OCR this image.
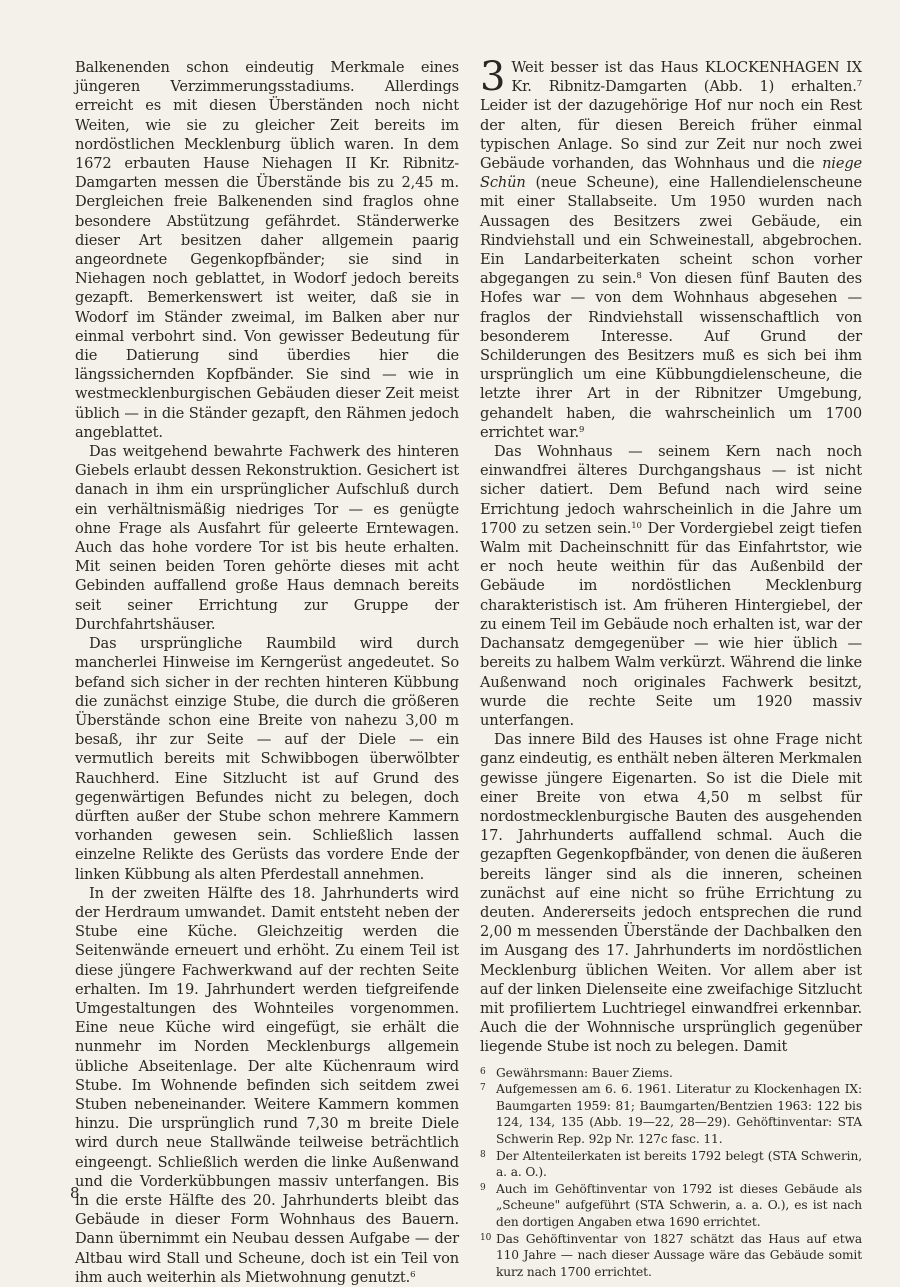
Balkenenden schon eindeutig Merkmale eines jüngeren Verzimmerungsstadiums. Allerdings erreicht es mit diesen Überständen noch nicht Weiten, wie sie zu gleicher Zeit bereits im nordöstlichen Mecklenburg üblich waren. In dem 1672 erbauten Hause Niehagen II Kr. Ribnitz-Damgarten messen die Überstände bis zu 2,45 m. Dergleichen freie Balkenenden sind fraglos ohne besondere Abstützung gefährdet. Ständerwerke dieser Art besitzen daher allgemein paarig angeordnete Gegenkopfbänder; sie sind in Niehagen noch geblattet, in Wodorf jedoch bereits gezapft. Bemerkenswert ist weiter, daß sie in Wodorf im Ständer zweimal, im Balken aber nur einmal verbohrt sind. Von gewisser Bedeutung für die Datierung sind überdies hier die längssichernden Kopfbänder. Sie sind — wie in westmecklenburgischen Gebäuden dieser Zeit meist üblich — in die Ständer gezapft, den Rähmen jedoch angeblattet.

Das weitgehend bewahrte Fachwerk des hinteren Giebels erlaubt dessen Rekonstruktion. Gesichert ist danach in ihm ein ursprünglicher Aufschluß durch ein verhältnismäßig niedriges Tor — es genügte ohne Frage als Ausfahrt für geleerte Erntewagen. Auch das hohe vordere Tor ist bis heute erhalten. Mit seinen beiden Toren gehörte dieses mit acht Gebinden auffallend große Haus demnach bereits seit seiner Errichtung zur Gruppe der Durchfahrtshäuser.

Das ursprüngliche Raumbild wird durch mancherlei Hinweise im Kerngerüst angedeutet. So befand sich sicher in der rechten hinteren Kübbung die zunächst einzige Stube, die durch die größeren Überstände schon eine Breite von nahezu 3,00 m besaß, ihr zur Seite — auf der Diele — ein vermutlich bereits mit Schwibbogen überwölbter Rauchherd. Eine Sitzlucht ist auf Grund des gegenwärtigen Befundes nicht zu belegen, doch dürften außer der Stube schon mehrere Kammern vorhanden gewesen sein. Schließlich lassen einzelne Relikte des Gerüsts das vordere Ende der linken Kübbung als alten Pferdestall annehmen.

In der zweiten Hälfte des 18. Jahrhunderts wird der Herdraum umwandet. Damit entsteht neben der Stube eine Küche. Gleichzeitig werden die Seitenwände erneuert und erhöht. Zu einem Teil ist diese jüngere Fachwerkwand auf der rechten Seite erhalten. Im 19. Jahrhundert werden tiefgreifende Umgestaltungen des Wohnteiles vorgenommen. Eine neue Küche wird eingefügt, sie erhält die nunmehr im Norden Mecklenburgs allgemein übliche Abseitenlage. Der alte Küchenraum wird Stube. Im Wohnende befinden sich seitdem zwei Stuben nebeneinander. Weitere Kammern kommen hinzu. Die ursprünglich rund 7,30 m breite Diele wird durch neue Stallwände teilweise beträchtlich eingeengt. Schließlich werden die linke Außenwand und die Vorderkübbungen massiv unterfangen. Bis in die erste Hälfte des 20. Jahrhunderts bleibt das Gebäude in dieser Form Wohnhaus des Bauern. Dann übernimmt ein Neubau dessen Aufgabe — der Altbau wird Stall und Scheune, doch ist ein Teil von ihm auch weiterhin als Mietwohnung genutzt.$^6$

3 Weit besser ist das Haus KLOCKENHAGEN IX Kr. Ribnitz-Damgarten (Abb. 1) erhalten.$^7$ Leider ist der dazugehörige Hof nur noch ein Rest der alten, für diesen Bereich früher einmal typischen Anlage. So sind zur Zeit nur noch zwei Gebäude vorhanden, das Wohnhaus und die niege Schün (neue Scheune), eine Hallendielenscheune mit einer Stallabseite. Um 1950 wurden nach Aussagen des Besitzers zwei Gebäude, ein Rindviehstall und ein Schweinestall, abgebrochen. Ein Landarbeiterkaten scheint schon vorher abgegangen zu sein.$^8$ Von diesen fünf Bauten des Hofes war — von dem Wohnhaus abgesehen — fraglos der Rindviehstall wissenschaftlich von besonderem Interesse. Auf Grund der Schilderungen des Besitzers muß es sich bei ihm ursprünglich um eine Kübbungdielenscheune, die letzte ihrer Art in der Ribnitzer Umgebung, gehandelt haben, die wahrscheinlich um 1700 errichtet war.$^9$

Das Wohnhaus — seinem Kern nach noch einwandfrei älteres Durchgangshaus — ist nicht sicher datiert. Dem Befund nach wird seine Errichtung jedoch wahrscheinlich in die Jahre um 1700 zu setzen sein.$^{10}$ Der Vordergiebel zeigt tiefen Walm mit Dacheinschnitt für das Einfahrtstor, wie er noch heute weithin für das Außenbild der Gebäude im nordöstlichen Mecklenburg charakteristisch ist. Am früheren Hintergiebel, der zu einem Teil im Gebäude noch erhalten ist, war der Dachansatz demgegenüber — wie hier üblich — bereits zu halbem Walm verkürzt. Während die linke Außenwand noch originales Fachwerk besitzt, wurde die rechte Seite um 1920 massiv unterfangen.

Das innere Bild des Hauses ist ohne Frage nicht ganz eindeutig, es enthält neben älteren Merkmalen gewisse jüngere Eigenarten. So ist die Diele mit einer Breite von etwa 4,50 m selbst für nordostmecklenburgische Bauten des ausgehenden 17. Jahrhunderts auffallend schmal. Auch die gezapften Gegenkopfbänder, von denen die äußeren bereits länger sind als die inneren, scheinen zunächst auf eine nicht so frühe Errichtung zu deuten. Andererseits jedoch entsprechen die rund 2,00 m messenden Überstände der Dachbalken den im Ausgang des 17. Jahrhunderts im nordöstlichen Mecklenburg üblichen Weiten. Vor allem aber ist auf der linken Dielenseite eine zweifachige Sitzlucht mit profiliertem Luchtriegel einwandfrei erkennbar. Auch die der Wohnnische ursprünglich gegenüber liegende Stube ist noch zu belegen. Damit

6 Gewährsmann: Bauer Ziems.
7 Aufgemessen am 6. 6. 1961. Literatur zu Klockenhagen IX: Baumgarten 1959: 81; Baumgarten/Bentzien 1963: 122 bis 124, 134, 135 (Abb. 19—22, 28—29). Gehöftinventar: STA Schwerin Rep. 92p Nr. 127c fasc. 11.
8 Der Altenteilerkaten ist bereits 1792 belegt (STA Schwerin, a. a. O.).
9 Auch im Gehöftinventar von 1792 ist dieses Gebäude als „Scheune" aufgeführt (STA Schwerin, a. a. O.), es ist nach den dortigen Angaben etwa 1690 errichtet.
10 Das Gehöftinventar von 1827 schätzt das Haus auf etwa 110 Jahre — nach dieser Aussage wäre das Gebäude somit kurz nach 1700 errichtet.
8
